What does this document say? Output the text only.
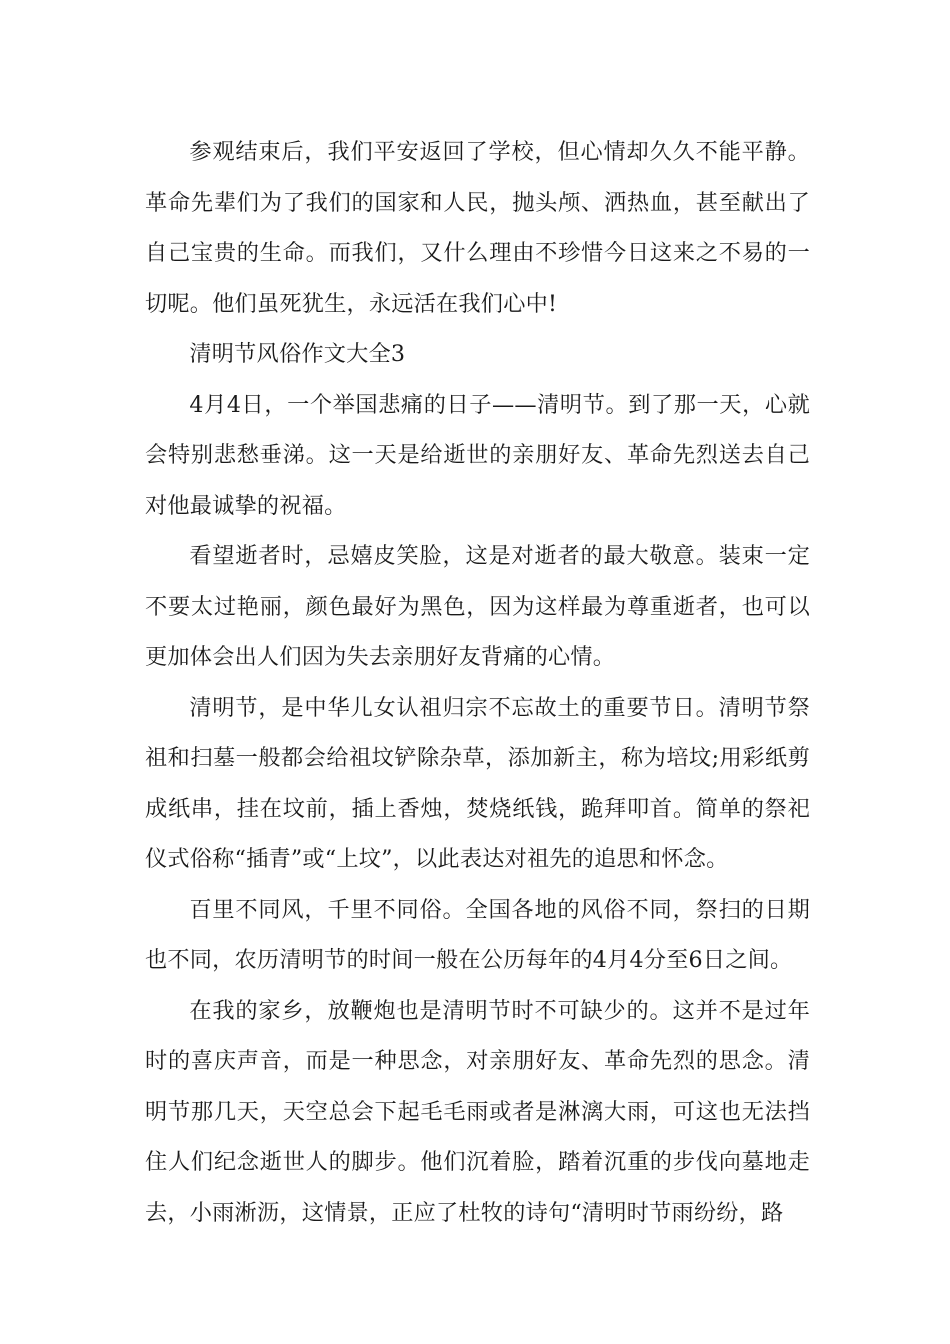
参观结束后，我们平安返回了学校，但心情却久久不能平静。革命先辈们为了我们的国家和人民，抛头颅、洒热血，甚至献出了自己宝贵的生命。而我们，又什么理由不珍惜今日这来之不易的一切呢。他们虽死犹生，永远活在我们心中!

清明节风俗作文大全3

4月4日，一个举国悲痛的日子——清明节。到了那一天，心就会特别悲愁垂涕。这一天是给逝世的亲朋好友、革命先烈送去自己对他最诚挚的祝福。

看望逝者时，忌嬉皮笑脸，这是对逝者的最大敬意。装束一定不要太过艳丽，颜色最好为黑色，因为这样最为尊重逝者，也可以更加体会出人们因为失去亲朋好友背痛的心情。

清明节，是中华儿女认祖归宗不忘故土的重要节日。清明节祭祖和扫墓一般都会给祖坟铲除杂草，添加新主，称为培坟;用彩纸剪成纸串，挂在坟前，插上香烛，焚烧纸钱，跪拜叩首。简单的祭祀仪式俗称“插青”或“上坟”，以此表达对祖先的追思和怀念。

百里不同风，千里不同俗。全国各地的风俗不同，祭扫的日期也不同，农历清明节的时间一般在公历每年的4月4分至6日之间。

在我的家乡，放鞭炮也是清明节时不可缺少的。这并不是过年时的喜庆声音，而是一种思念，对亲朋好友、革命先烈的思念。清明节那几天，天空总会下起毛毛雨或者是淋漓大雨，可这也无法挡住人们纪念逝世人的脚步。他们沉着脸，踏着沉重的步伐向墓地走去，小雨淅沥，这情景，正应了杜牧的诗句“清明时节雨纷纷，路
